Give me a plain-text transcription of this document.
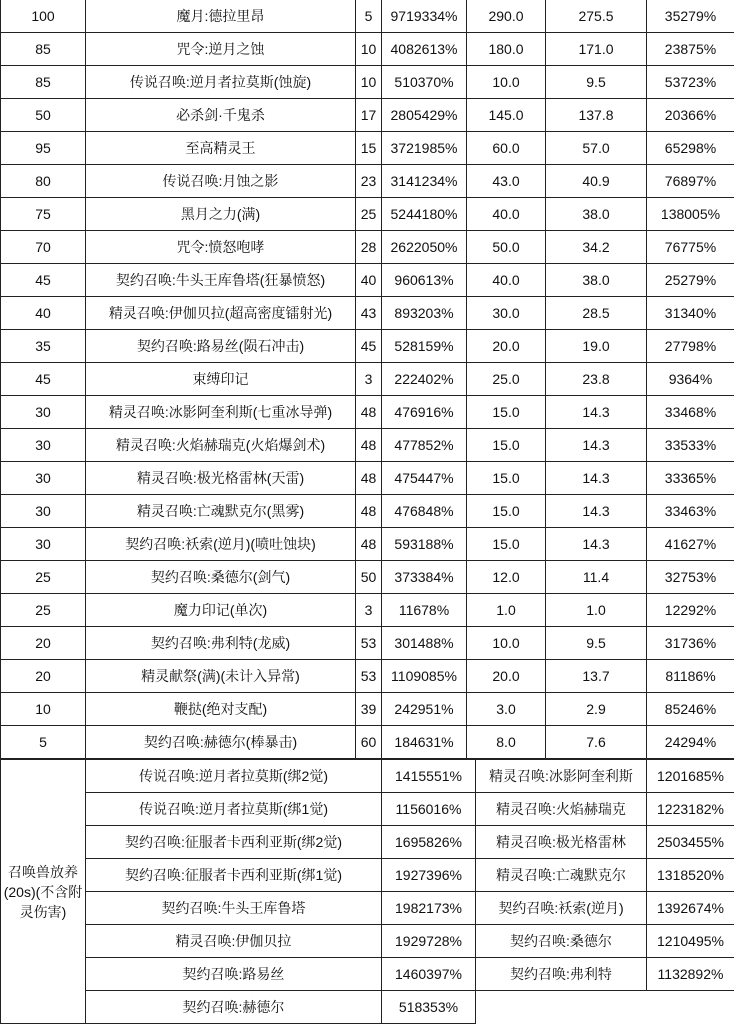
100	魔月:德拉里昂	5	9719334%	290.0	275.5	35279%
85	咒令:逆月之蚀	10	4082613%	180.0	171.0	23875%
85	传说召唤:逆月者拉莫斯(蚀旋)	10	510370%	10.0	9.5	53723%
50	必杀剑·千鬼杀	17	2805429%	145.0	137.8	20366%
95	至高精灵王	15	3721985%	60.0	57.0	65298%
80	传说召唤:月蚀之影	23	3141234%	43.0	40.9	76897%
75	黑月之力(满)	25	5244180%	40.0	38.0	138005%
70	咒令:愤怒咆哮	28	2622050%	50.0	34.2	76775%
45	契约召唤:牛头王库鲁塔(狂暴愤怒)	40	960613%	40.0	38.0	25279%
40	精灵召唤:伊伽贝拉(超高密度镭射光)	43	893203%	30.0	28.5	31340%
35	契约召唤:路易丝(陨石冲击)	45	528159%	20.0	19.0	27798%
45	束缚印记	3	222402%	25.0	23.8	9364%
30	精灵召唤:冰影阿奎利斯(七重冰导弹)	48	476916%	15.0	14.3	33468%
30	精灵召唤:火焰赫瑞克(火焰爆剑术)	48	477852%	15.0	14.3	33533%
30	精灵召唤:极光格雷林(天雷)	48	475447%	15.0	14.3	33365%
30	精灵召唤:亡魂默克尔(黑雾)	48	476848%	15.0	14.3	33463%
30	契约召唤:袄索(逆月)(喷吐蚀块)	48	593188%	15.0	14.3	41627%
25	契约召唤:桑德尔(剑气)	50	373384%	12.0	11.4	32753%
25	魔力印记(单次)	3	11678%	1.0	1.0	12292%
20	契约召唤:弗利特(龙威)	53	301488%	10.0	9.5	31736%
20	精灵献祭(满)(未计入异常)	53	1109085%	20.0	13.7	81186%
10	鞭挞(绝对支配)	39	242951%	3.0	2.9	85246%
5	契约召唤:赫德尔(棒暴击)	60	184631%	8.0	7.6	24294%
召唤兽放养(20s)(不含附灵伤害)	传说召唤:逆月者拉莫斯(绑2觉)	1415551%	精灵召唤:冰影阿奎利斯	1201685%
	传说召唤:逆月者拉莫斯(绑1觉)	1156016%	精灵召唤:火焰赫瑞克	1223182%
	契约召唤:征服者卡西利亚斯(绑2觉)	1695826%	精灵召唤:极光格雷林	2503455%
	契约召唤:征服者卡西利亚斯(绑1觉)	1927396%	精灵召唤:亡魂默克尔	1318520%
	契约召唤:牛头王库鲁塔	1982173%	契约召唤:袄索(逆月)	1392674%
	精灵召唤:伊伽贝拉	1929728%	契约召唤:桑德尔	1210495%
	契约召唤:路易丝	1460397%	契约召唤:弗利特	1132892%
	契约召唤:赫德尔	518353%		
